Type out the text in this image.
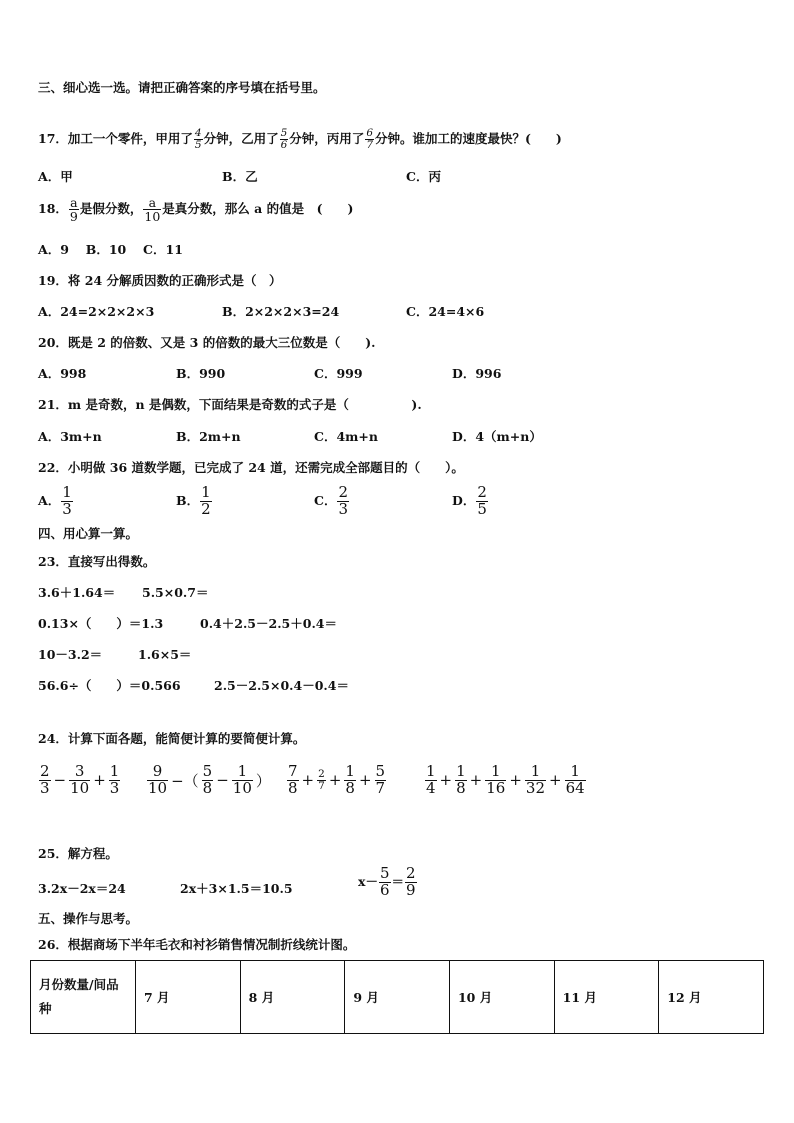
三、细心选一选。请把正确答案的序号填在括号里。
17．加工一个零件，甲用了 $\frac{4}{5}$ 分钟，乙用了 $\frac{5}{6}$ 分钟，丙用了 $\frac{6}{7}$ 分钟。谁加工的速度最快？(　　)
A．甲	B．乙	C．丙
18． $\frac{a}{9}$ 是假分数， $\frac{a}{10}$ 是真分数，那么 a 的值是　(　　)
A．9　 B．10　 C．11
19．将 24 分解质因数的正确形式是（　）
A．24=2×2×2×3	B．2×2×2×3=24	C．24=4×6
20．既是 2 的倍数、又是 3 的倍数的最大三位数是（　　).
A．998	B．990	C．999	D．996
21．m 是奇数，n 是偶数，下面结果是奇数的式子是（　　　　　).
A．3m+n	B．2m+n	C．4m+n	D．4（m+n）
22．小明做 36 道数学题，已完成了 24 道，还需完成全部题目的（　　）。
A． $\frac{1}{3}$	B． $\frac{1}{2}$	C． $\frac{2}{3}$	D． $\frac{2}{5}$
四、用心算一算。
23．直接写出得数。
3.6＋1.64＝ 5.5×0.7＝
0.13×（　　）＝1.3	0.4＋2.5－2.5＋0.4＝
10－3.2＝	1.6×5＝
56.6÷（　　）＝0.566	2.5－2.5×0.4－0.4＝
24．计算下面各题，能简便计算的要简便计算。
$\frac{2}{3} - \frac{3}{10} + \frac{1}{3} \frac{9}{10}$ −（ $\frac{5}{8} - \frac{1}{10}$ ） $\frac{7}{8} + \frac{2}{7} + \frac{1}{8} + \frac{5}{7}$	$\frac{1}{4} + \frac{1}{8} + \frac{1}{16} + \frac{1}{32} + \frac{1}{64}$
25．解方程。
3.2x－2x＝24	2x＋3×1.5＝10.5	$x- \frac{5}{6} = \frac{2}{9}$
五、操作与思考。
26．根据商场下半年毛衣和衬衫销售情况制折线统计图。
月份数量/间品种
	7 月	8 月	9 月	10 月	11 月	12 月
